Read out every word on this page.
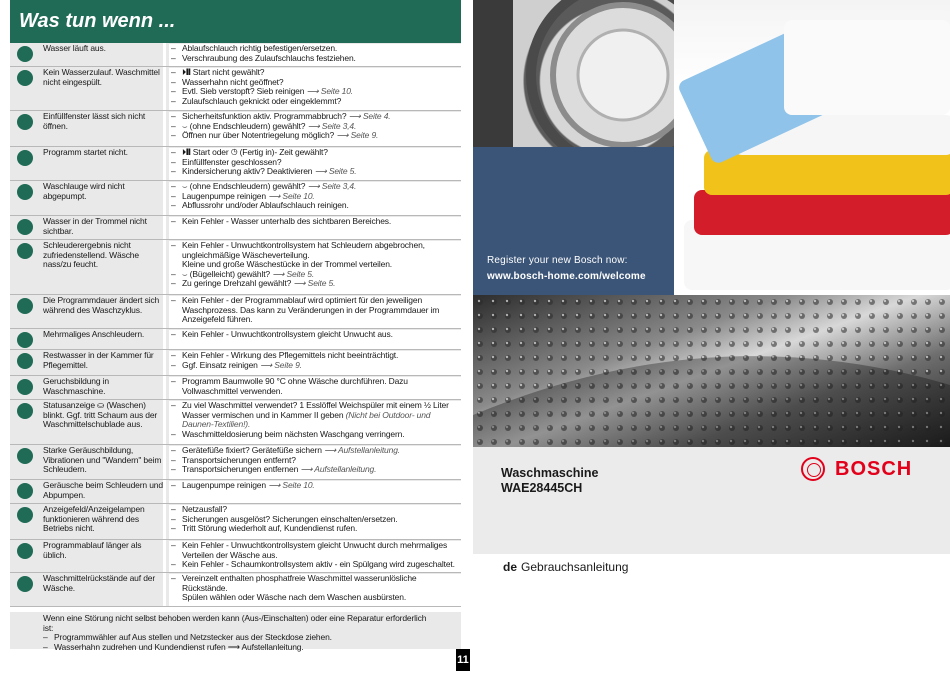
Was tun wenn ...
Wasser läuft aus.	– Ablaufschlauch richtig befestigen/ersetzen.
– Verschraubung des Zulaufschlauchs festziehen.
Kein Wasserzulauf. Waschmittel nicht eingespült.
– ⏵❙❙ Start nicht gewählt?
– Wasserhahn nicht geöffnet?
– Evtl. Sieb verstopft? Sieb reinigen ⟶ Seite 10.
– Zulaufschlauch geknickt oder eingeklemmt?
Einfüllfenster lässt sich nicht öffnen.
– Sicherheitsfunktion aktiv. Programmabbruch? ⟶ Seite 4.
– ⌣ (ohne Endschleudern) gewählt? ⟶ Seite 3,4.
– Öffnen nur über Notentriegelung möglich? ⟶ Seite 9.
Programm startet nicht.	– ⏵❙❙ Start oder ◷ (Fertig in)- Zeit gewählt?
– Einfüllfenster geschlossen?
– Kindersicherung aktiv? Deaktivieren ⟶ Seite 5.
Waschlauge wird nicht abgepumpt.
– ⌣ (ohne Endschleudern) gewählt? ⟶ Seite 3,4.
– Laugenpumpe reinigen ⟶ Seite 10.
– Abflussrohr und/oder Ablaufschlauch reinigen.
Wasser in der Trommel nicht sichtbar.
– Kein Fehler - Wasser unterhalb des sichtbaren Bereiches.
Schleuderergebnis nicht zufriedenstellend. Wäsche nass/zu feucht.
– Kein Fehler - Unwuchtkontrollsystem hat Schleudern abgebrochen, ungleichmäßige Wäscheverteilung.
Kleine und große Wäschestücke in der Trommel verteilen.
– ⌣ (Bügelleicht) gewählt? ⟶ Seite 5.
– Zu geringe Drehzahl gewählt? ⟶ Seite 5.
Die Programmdauer ändert sich während des Waschzyklus.
– Kein Fehler - der Programmablauf wird optimiert für den jeweiligen Waschprozess. Das kann zu Veränderungen in der Programmdauer im Anzeigefeld führen.
Mehrmaliges Anschleudern.	– Kein Fehler - Unwuchtkontrollsystem gleicht Unwucht aus.
Restwasser in der Kammer für Pflegemittel.
– Kein Fehler - Wirkung des Pflegemittels nicht beeinträchtigt.
– Ggf. Einsatz reinigen ⟶ Seite 9.
Geruchsbildung in Waschmaschine.
– Programm Baumwolle 90 °C ohne Wäsche durchführen. Dazu Vollwaschmittel verwenden.
Statusanzeige ⛀ (Waschen) blinkt. Ggf. tritt Schaum aus der Waschmittelschublade aus.
– Zu viel Waschmittel verwendet? 1 Esslöffel Weichspüler mit einem ½ Liter Wasser vermischen und in Kammer II geben (Nicht bei Outdoor- und Daunen-Textilien!).
– Waschmitteldosierung beim nächsten Waschgang verringern.
Starke Geräuschbildung, Vibrationen und "Wandern" beim Schleudern.
– Gerätefüße fixiert? Gerätefüße sichern ⟶ Aufstellanleitung.
– Transportsicherungen entfernt?
– Transportsicherungen entfernen ⟶ Aufstellanleitung.
Geräusche beim Schleudern und Abpumpen.
– Laugenpumpe reinigen ⟶ Seite 10.
Anzeigefeld/Anzeigelampen funktionieren während des Betriebs nicht.
– Netzausfall?
– Sicherungen ausgelöst? Sicherungen einschalten/ersetzen.
– Tritt Störung wiederholt auf, Kundendienst rufen.
Programmablauf länger als üblich.
– Kein Fehler - Unwuchtkontrollsystem gleicht Unwucht durch mehrmaliges Verteilen der Wäsche aus.
– Kein Fehler - Schaumkontrollsystem aktiv - ein Spülgang wird zugeschaltet.
Waschmittelrückstände auf der Wäsche.
– Vereinzelt enthalten phosphatfreie Waschmittel wasserunlösliche Rückstände.
Spülen wählen oder Wäsche nach dem Waschen ausbürsten.
Wenn eine Störung nicht selbst behoben werden kann (Aus-/Einschalten) oder eine Reparatur erforderlich ist:
– Programmwähler auf Aus stellen und Netzstecker aus der Steckdose ziehen.
– Wasserhahn zudrehen und Kundendienst rufen ⟶ Aufstellanleitung.
11
Register your new Bosch now:
www.bosch-home.com/welcome
Waschmaschine
WAE28445CH
BOSCH
de Gebrauchsanleitung
